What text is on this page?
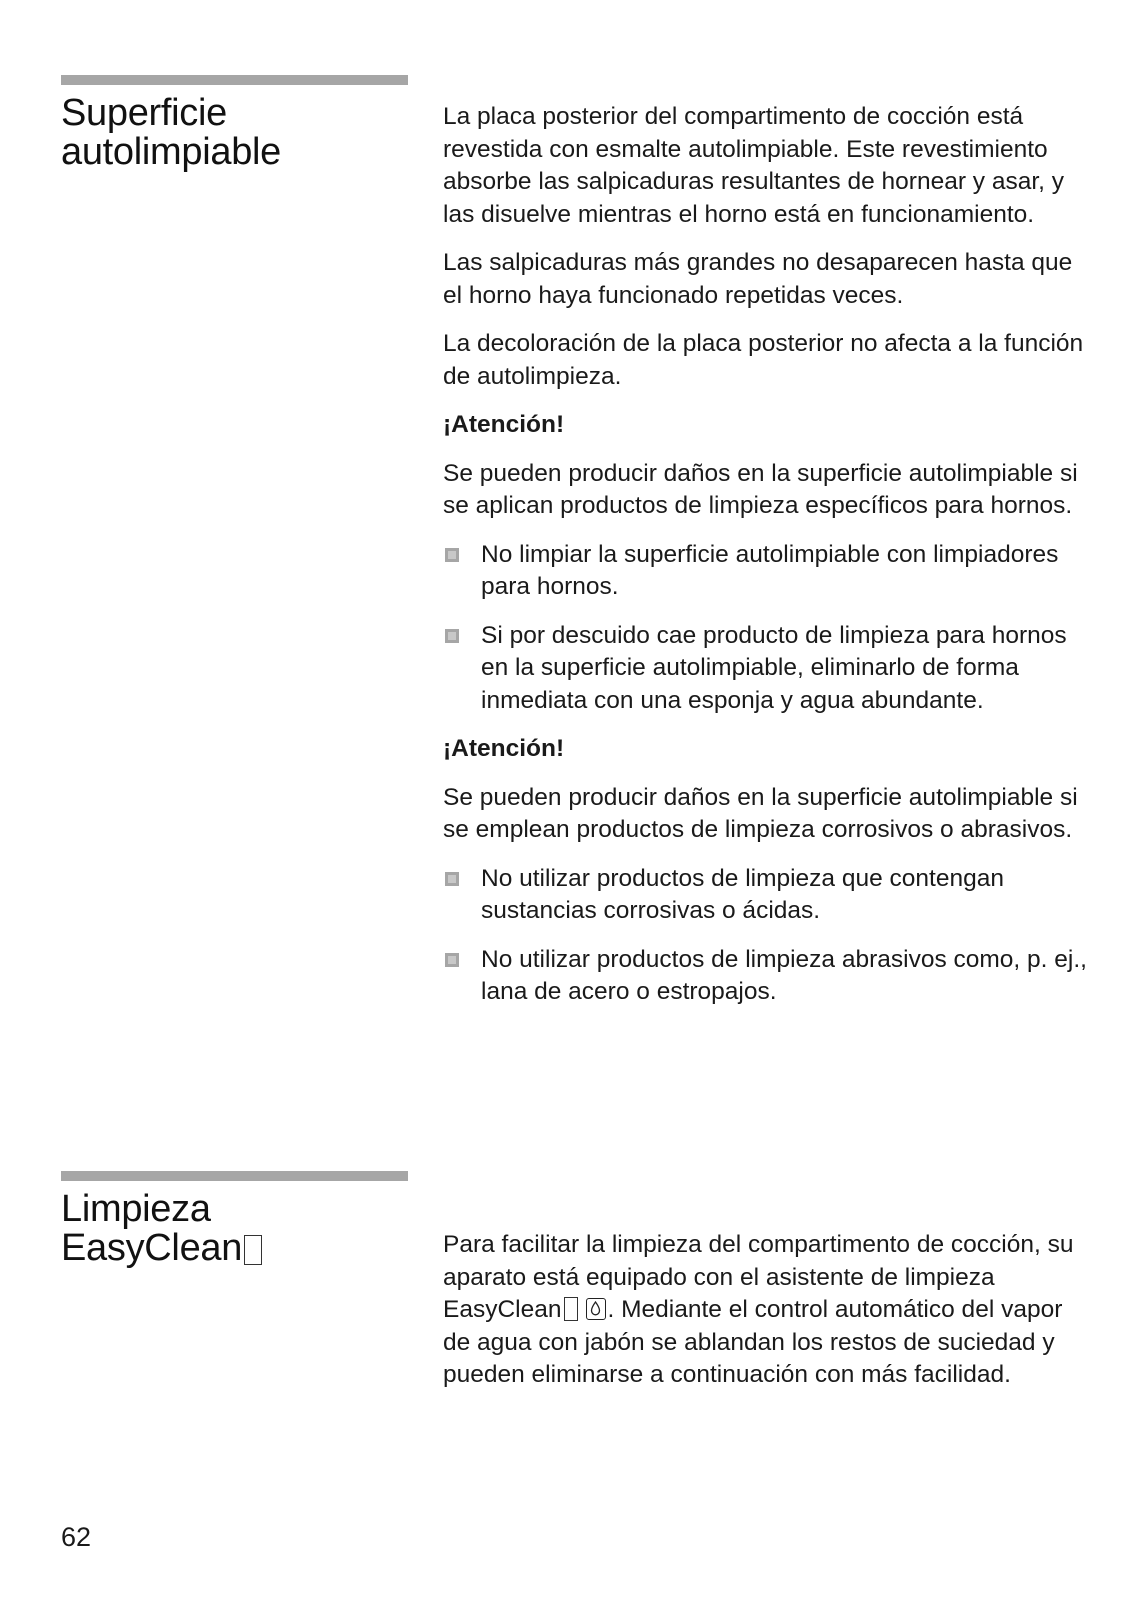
Superficie
autolimpiable

La placa posterior del compartimento de cocción está revestida con esmalte autolimpiable. Este revestimiento absorbe las salpicaduras resultantes de hornear y asar, y las disuelve mientras el horno está en funcionamiento.

Las salpicaduras más grandes no desaparecen hasta que el horno haya funcionado repetidas veces.

La decoloración de la placa posterior no afecta a la función de autolimpieza.

¡Atención!

Se pueden producir daños en la superficie autolimpiable si se aplican productos de limpieza específicos para hornos.

No limpiar la superficie autolimpiable con limpiadores para hornos.
Si por descuido cae producto de limpieza para hornos en la superficie autolimpiable, eliminarlo de forma inmediata con una esponja y agua abundante.

¡Atención!

Se pueden producir daños en la superficie autolimpiable si se emplean productos de limpieza corrosivos o abrasivos.

No utilizar productos de limpieza que contengan sustancias corrosivas o ácidas.
No utilizar productos de limpieza abrasivos como, p. ej., lana de acero o estropajos.
Limpieza
EasyClean	Para facilitar la limpieza del compartimento de cocción, su aparato está equipado con el asistente de limpieza EasyClean . Mediante el control automático del vapor de agua con jabón se ablandan los restos de suciedad y pueden eliminarse a continuación con más facilidad.

62
